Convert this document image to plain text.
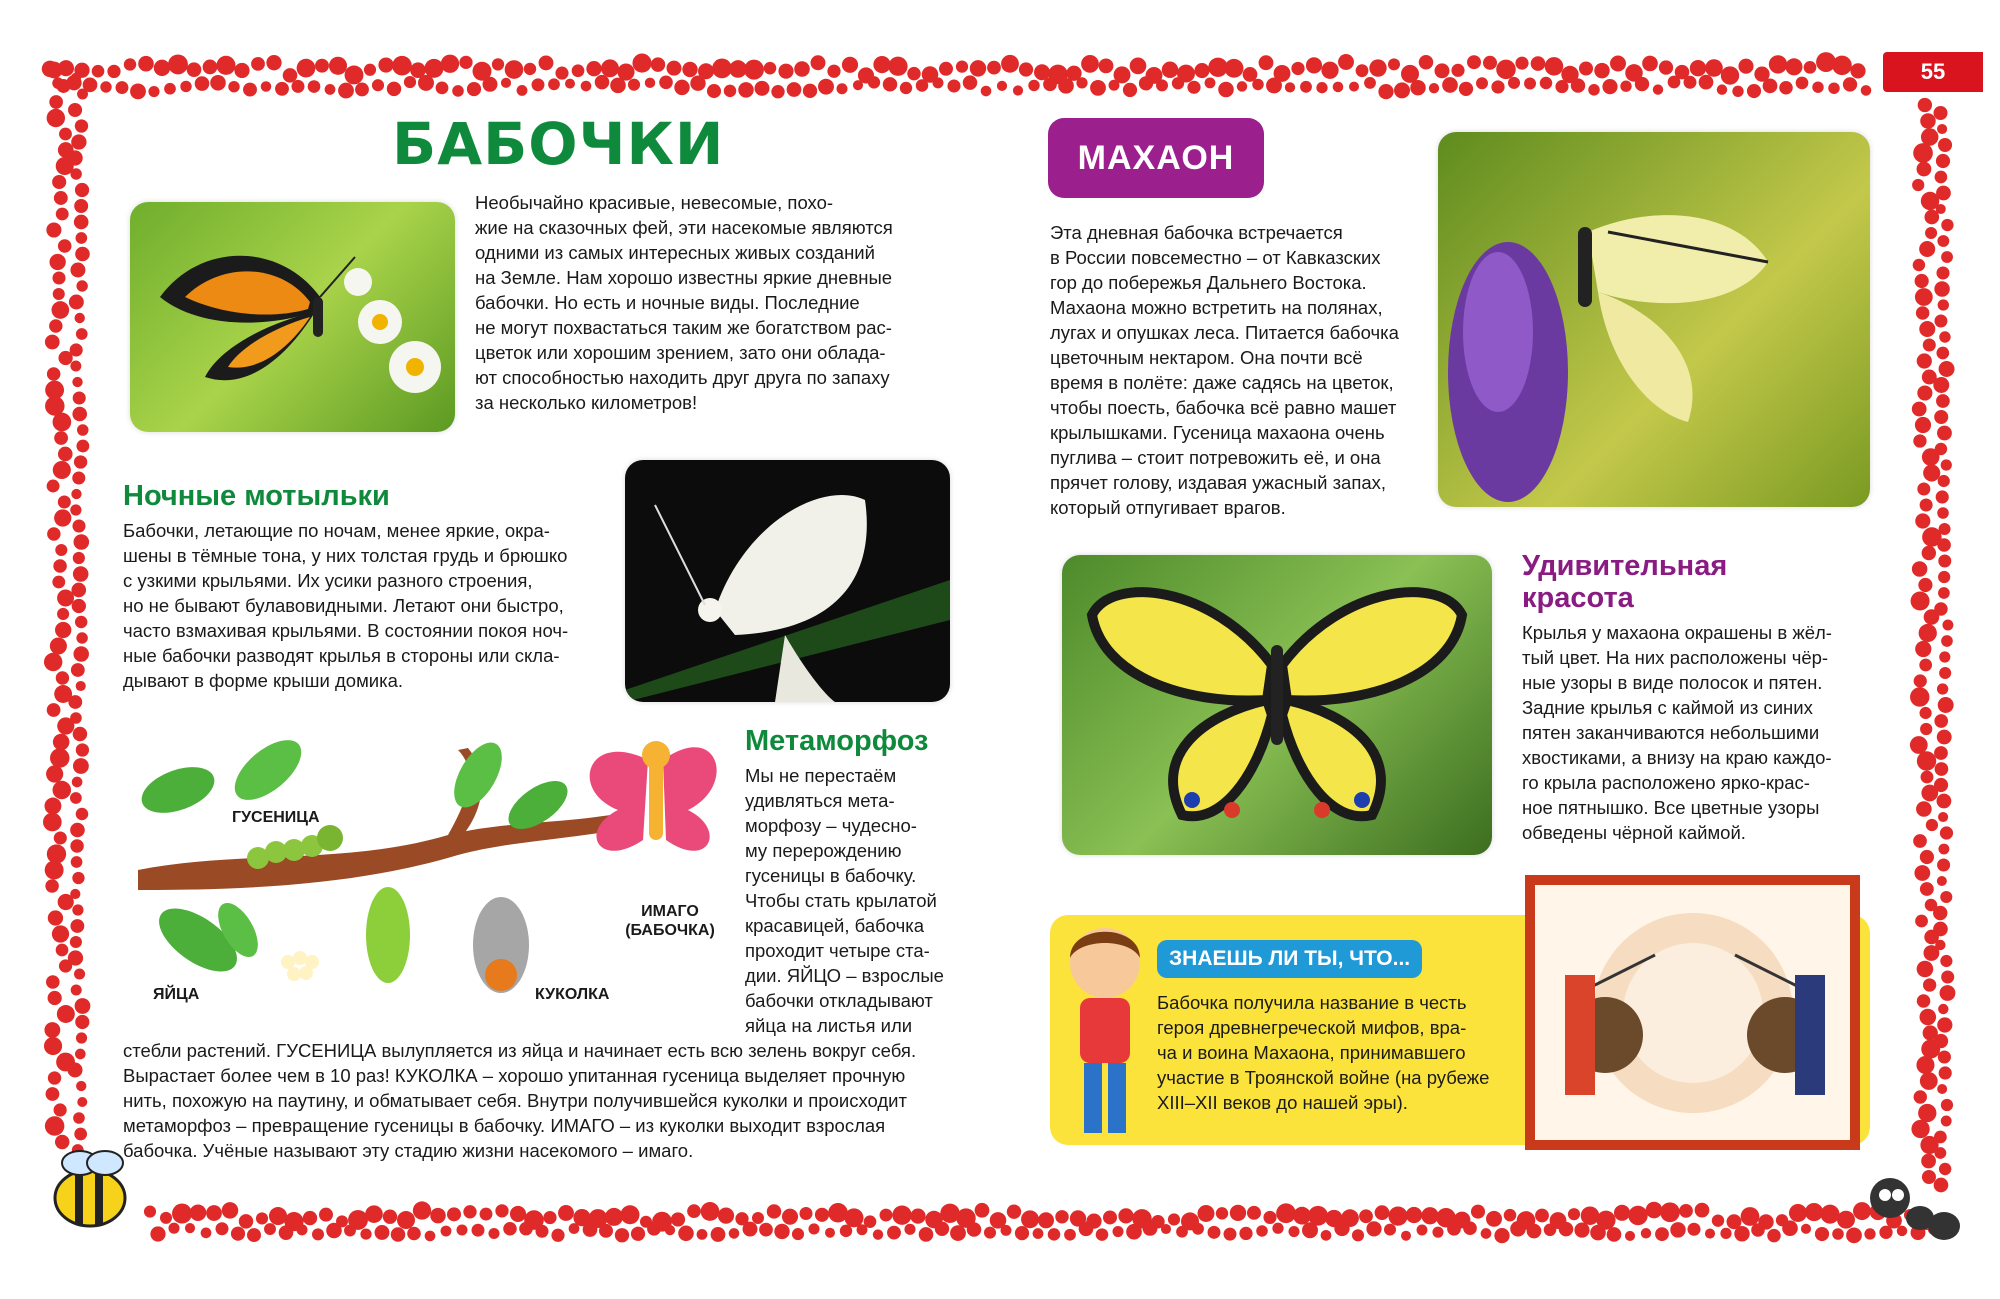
55
БАБОЧКИ

Необычайно красивые, невесомые, похо-

жие на сказочных фей, эти насекомые являются

одними из самых интересных живых созданий

на Земле. Нам хорошо известны яркие дневные

бабочки. Но есть и ночные виды. Последние

не могут похвастаться таким же богатством рас-

цветок или хорошим зрением, зато они облада-

ют способностью находить друг друга по запаху

за несколько километров!

Ночные мотыльки

Бабочки, летающие по ночам, менее яркие, окра-

шены в тёмные тона, у них толстая грудь и брюшко

с узкими крыльями. Их усики разного строения,

но не бывают булавовидными. Летают они быстро,

часто взмахивая крыльями. В состоянии покоя ноч-

ные бабочки разводят крылья в стороны или скла-

дывают в форме крыши домика.

Метаморфоз

Мы не перестаём

удивляться мета-

морфозу – чудесно-

му перерождению

гусеницы в бабочку.

Чтобы стать крылатой

красавицей, бабочка

проходит четыре ста-

дии. ЯЙЦО – взрослые

бабочки откладывают

яйца на листья или

ГУСЕНИЦА
ЯЙЦА	КУКОЛКА
ИМАГО
(БАБОЧКА)

стебли растений. ГУСЕНИЦА вылупляется из яйца и начинает есть всю зелень вокруг себя.

Вырастает более чем в 10 раз! КУКОЛКА – хорошо упитанная гусеница выделяет прочную

нить, похожую на паутину, и обматывает себя. Внутри получившейся куколки и происходит

метаморфоз – превращение гусеницы в бабочку. ИМАГО – из куколки выходит взрослая

бабочка. Учёные называют эту стадию жизни насекомого – имаго.

МАХАОН

Эта дневная бабочка встречается

в России повсеместно – от Кавказских

гор до побережья Дальнего Востока.

Махаона можно встретить на полянах,

лугах и опушках леса. Питается бабочка

цветочным нектаром. Она почти всё

время в полёте: даже садясь на цветок,

чтобы поесть, бабочка всё равно машет

крылышками. Гусеница махаона очень

пуглива – стоит потревожить её, и она

прячет голову, издавая ужасный запах,

который отпугивает врагов.

Удивительная
красота

Крылья у махаона окрашены в жёл-

тый цвет. На них расположены чёр-

ные узоры в виде полосок и пятен.

Задние крылья с каймой из синих

пятен заканчиваются небольшими

хвостиками, а внизу на краю каждо-

го крыла расположено ярко-крас-

ное пятнышко. Все цветные узоры

обведены чёрной каймой.

ЗНАЕШЬ ЛИ ТЫ, ЧТО...

Бабочка получила название в честь

героя древнегреческой мифов, вра-

ча и воина Махаона, принимавшего

участие в Троянской войне (на рубеже

XIII–XII веков до нашей эры).
